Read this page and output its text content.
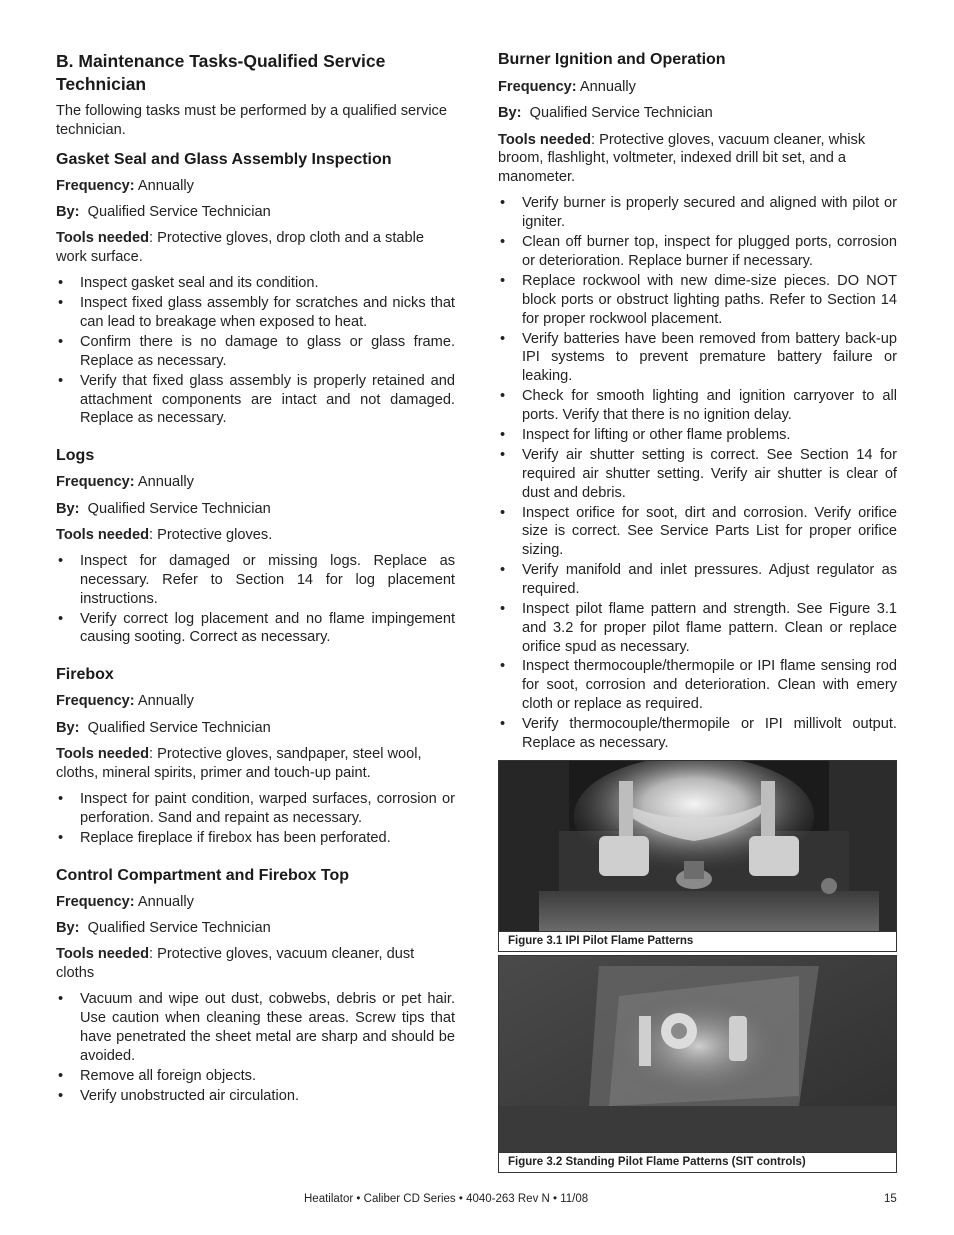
B. Maintenance Tasks-Qualified Service Technician

The following tasks must be performed by a qualified service technician.

Gasket Seal and Glass Assembly Inspection

Frequency: Annually

By:  Qualified Service Technician

Tools needed: Protective gloves, drop cloth and a stable work surface.

• Inspect gasket seal and its condition.
• Inspect fixed glass assembly for scratches and nicks that can lead to breakage when exposed to heat.
• Confirm there is no damage to glass or glass frame. Replace as necessary.
• Verify that fixed glass assembly is properly retained and attachment components are intact and not damaged. Replace as necessary.
Logs

Frequency: Annually

By:  Qualified Service Technician

Tools needed: Protective gloves.

• Inspect for damaged or missing logs. Replace as necessary. Refer to Section 14 for log placement instructions.
• Verify correct log placement and no flame impingement causing sooting. Correct as necessary.
Firebox

Frequency: Annually

By:  Qualified Service Technician

Tools needed: Protective gloves, sandpaper, steel wool, cloths, mineral spirits, primer and touch-up paint.

• Inspect for paint condition, warped surfaces, corrosion or perforation. Sand and repaint as necessary.
• Replace fireplace if firebox has been perforated.
Control Compartment and Firebox Top

Frequency: Annually

By:  Qualified Service Technician

Tools needed: Protective gloves, vacuum cleaner, dust cloths

• Vacuum and wipe out dust, cobwebs, debris or pet hair. Use caution when cleaning these areas. Screw tips that have penetrated the sheet metal are sharp and should be avoided.
• Remove all foreign objects.
• Verify unobstructed air circulation.
Burner Ignition and Operation

Frequency: Annually

By:  Qualified Service Technician

Tools needed: Protective gloves, vacuum cleaner, whisk broom, flashlight, voltmeter, indexed drill bit set, and a manometer.

• Verify burner is properly secured and aligned with pilot or igniter.
• Clean off burner top, inspect for plugged ports, corrosion or deterioration. Replace burner if necessary.
• Replace rockwool with new dime-size pieces. DO NOT block ports or obstruct lighting paths. Refer to Section 14 for proper rockwool placement.
• Verify batteries have been removed from battery back-up IPI systems to prevent premature battery failure or leaking.
• Check for smooth lighting and ignition carryover to all ports. Verify that there is no ignition delay.
• Inspect for lifting or other flame problems.
• Verify air shutter setting is correct. See Section 14 for required air shutter setting. Verify air shutter is clear of dust and debris.
• Inspect orifice for soot, dirt and corrosion. Verify orifice size is correct. See Service Parts List for proper orifice sizing.
• Verify manifold and inlet pressures. Adjust regulator as required.
• Inspect pilot flame pattern and strength. See Figure 3.1 and 3.2 for proper pilot flame pattern. Clean or replace orifice spud as necessary.
• Inspect thermocouple/thermopile or IPI flame sensing rod for soot, corrosion and deterioration. Clean with emery cloth or replace as required.
• Verify thermocouple/thermopile or IPI millivolt output. Replace as necessary.
Figure 3.1 IPI Pilot Flame Patterns
Figure 3.2 Standing Pilot Flame Patterns (SIT controls)
Heatilator • Caliber CD Series • 4040-263 Rev N • 11/08	15
